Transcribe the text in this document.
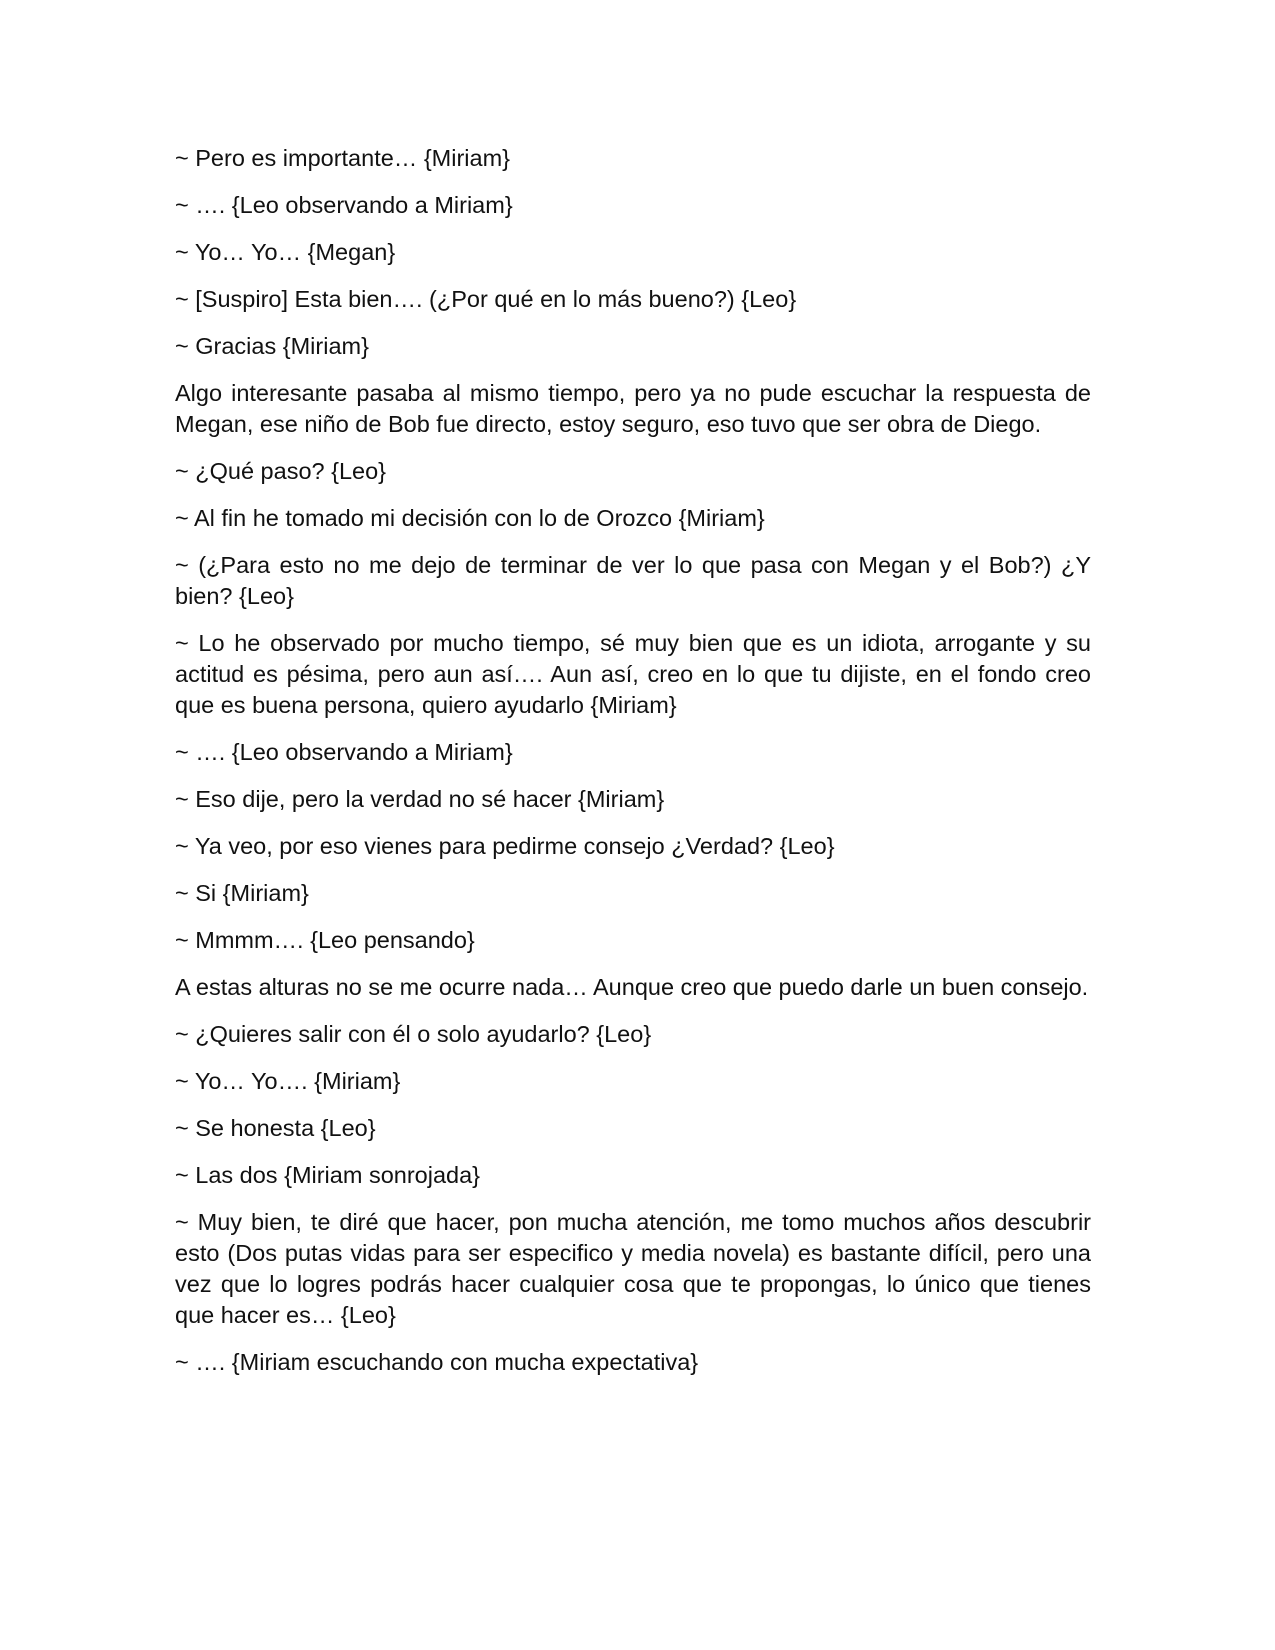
~ Pero es importante… {Miriam}

~ …. {Leo observando a Miriam}

~ Yo… Yo… {Megan}

~ [Suspiro] Esta bien…. (¿Por qué en lo más bueno?) {Leo}

~ Gracias {Miriam}

Algo interesante pasaba al mismo tiempo, pero ya no pude escuchar la respuesta de Megan, ese niño de Bob fue directo, estoy seguro, eso tuvo que ser obra de Diego.

~ ¿Qué paso? {Leo}

~ Al fin he tomado mi decisión con lo de Orozco {Miriam}

~ (¿Para esto no me dejo de terminar de ver lo que pasa con Megan y el Bob?) ¿Y bien? {Leo}

~ Lo he observado por mucho tiempo, sé muy bien que es un idiota, arrogante y su actitud es pésima, pero aun así…. Aun así, creo en lo que tu dijiste, en el fondo creo que es buena persona, quiero ayudarlo {Miriam}

~ …. {Leo observando a Miriam}

~ Eso dije, pero la verdad no sé hacer {Miriam}

~ Ya veo, por eso vienes para pedirme consejo ¿Verdad? {Leo}

~ Si {Miriam}

~ Mmmm…. {Leo pensando}

A estas alturas no se me ocurre nada… Aunque creo que puedo darle un buen consejo.

~ ¿Quieres salir con él o solo ayudarlo? {Leo}

~ Yo… Yo…. {Miriam}

~ Se honesta {Leo}

~ Las dos {Miriam sonrojada}

~ Muy bien, te diré que hacer, pon mucha atención, me tomo muchos años descubrir esto (Dos putas vidas para ser especifico y media novela) es bastante difícil, pero una vez que lo logres podrás hacer cualquier cosa que te propongas, lo único que tienes que hacer es… {Leo}

~ …. {Miriam escuchando con mucha expectativa}
